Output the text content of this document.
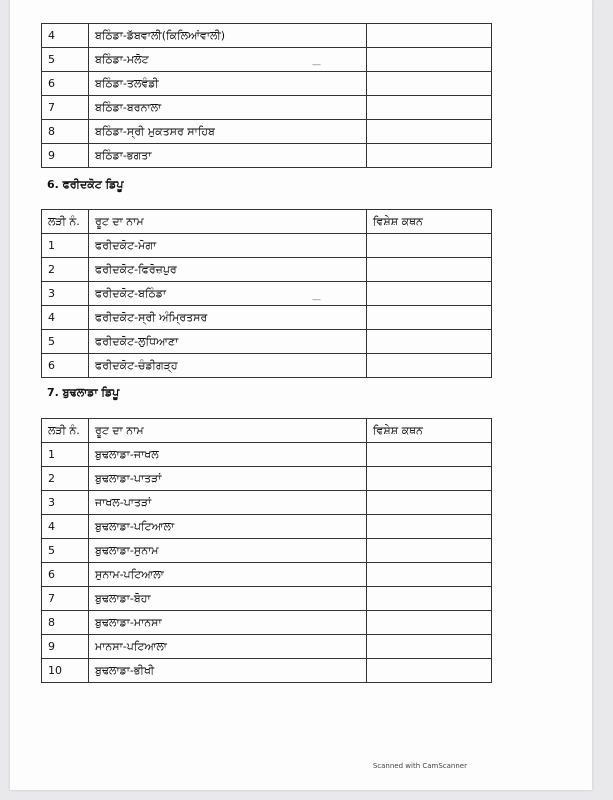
4	ਬਠਿੰਡਾ-ਡੱਬਵਾਲੀ(ਕਿਲਿਆਂਵਾਲੀ)	
5	ਬਠਿੰਡਾ-ਮਲੋਟ	
6	ਬਠਿੰਡਾ-ਤਲਵੰਡੀ	
7	ਬਠਿੰਡਾ-ਬਰਨਾਲਾ	
8	ਬਠਿੰਡਾ-ਸ੍ਰੀ ਮੁਕਤਸਰ ਸਾਹਿਬ	
9	ਬਠਿੰਡਾ-ਭਗਤਾ	
6. ਫਰੀਦਕੋਟ ਡਿਪੂ
ਲੜੀ ਨੰ.	ਰੂਟ ਦਾ ਨਾਮ	ਵਿਸ਼ੇਸ਼ ਕਥਨ
1	ਫਰੀਦਕੋਟ-ਮੋਗਾ	
2	ਫਰੀਦਕੋਟ-ਫਿਰੋਜ਼ਪੁਰ	
3	ਫਰੀਦਕੋਟ-ਬਠਿੰਡਾ	
4	ਫਰੀਦਕੋਟ-ਸ੍ਰੀ ਅੰਮ੍ਰਿਤਸਰ	
5	ਫਰੀਦਕੋਟ-ਲੁਧਿਆਣਾ	
6	ਫਰੀਦਕੋਟ-ਚੰਡੀਗੜ੍ਹ	
7. ਬੁਢਲਾਡਾ ਡਿਪੂ
ਲੜੀ ਨੰ.	ਰੂਟ ਦਾ ਨਾਮ	ਵਿਸ਼ੇਸ਼ ਕਥਨ
1	ਬੁਢਲਾਡਾ-ਜਾਖਲ	
2	ਬੁਢਲਾਡਾ-ਪਾਤੜਾਂ	
3	ਜਾਖਲ-ਪਾਤੜਾਂ	
4	ਬੁਢਲਾਡਾ-ਪਟਿਆਲਾ	
5	ਬੁਢਲਾਡਾ-ਸੁਨਾਮ	
6	ਸੁਨਾਮ-ਪਟਿਆਲਾ	
7	ਬੁਢਲਾਡਾ-ਬੋਹਾ	
8	ਬੁਢਲਾਡਾ-ਮਾਨਸਾ	
9	ਮਾਨਸਾ-ਪਟਿਆਲਾ	
10	ਬੁਢਲਾਡਾ-ਭੀਖੀ	
—
—
Scanned with CamScanner
